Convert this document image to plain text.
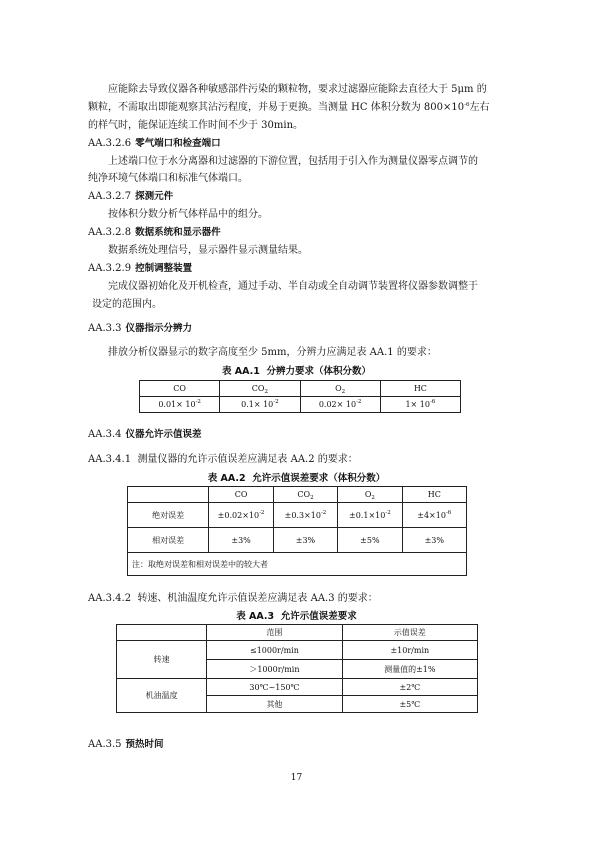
应能除去导致仪器各种敏感部件污染的颗粒物，要求过滤器应能除去直径大于 5μm 的
颗粒，不需取出即能观察其沾污程度，并易于更换。当测量 HC 体积分数为 $800\times 10^{-6}$左右
的样气时，能保证连续工作时间不少于 30min。
AA.3.2.6 零气端口和检查端口
上述端口位于水分离器和过滤器的下游位置，包括用于引入作为测量仪器零点调节的
纯净环境气体端口和标准气体端口。
AA.3.2.7 探测元件
按体积分数分析气体样品中的组分。
AA.3.2.8 数据系统和显示器件
数据系统处理信号，显示器件显示测量结果。
AA.3.2.9 控制调整装置
完成仪器初始化及开机检查，通过手动、半自动或全自动调节装置将仪器参数调整于
设定的范围内。
AA.3.3 仪器指示分辨力
排放分析仪器显示的数字高度至少 5mm，分辨力应满足表 AA.1 的要求：
表 AA.1 分辨力要求（体积分数）
CO	$CO_2$	$O_2$	HC
$0.01\times 10^{-2}$	$0.1\times 10^{-2}$	$0.02\times 10^{-2}$	$1\times 10^{-6}$
AA.3.4 仪器允许示值误差
AA.3.4.1 测量仪器的允许示值误差应满足表 AA.2 的要求：
表 AA.2 允许示值误差要求（体积分数）
	CO	$CO_2$	$O_2$	HC
绝对误差	$\pm 0.02\times 10^{-2}$	$\pm 0.3\times 10^{-2}$	$\pm 0.1\times 10^{-2}$	$\pm 4\times 10^{-6}$
相对误差	±3%	±3%	±5%	±3%
注：取绝对误差和相对误差中的较大者				
AA.3.4.2 转速、机油温度允许示值误差应满足表 AA.3 的要求：
表 AA.3 允许示值误差要求
	范围	示值误差
转速	≤1000r/min	±10r/min
	＞1000r/min	测量值的±1%
机油温度	30℃~150℃	±2℃
	其他	±5℃
AA.3.5 预热时间
17
